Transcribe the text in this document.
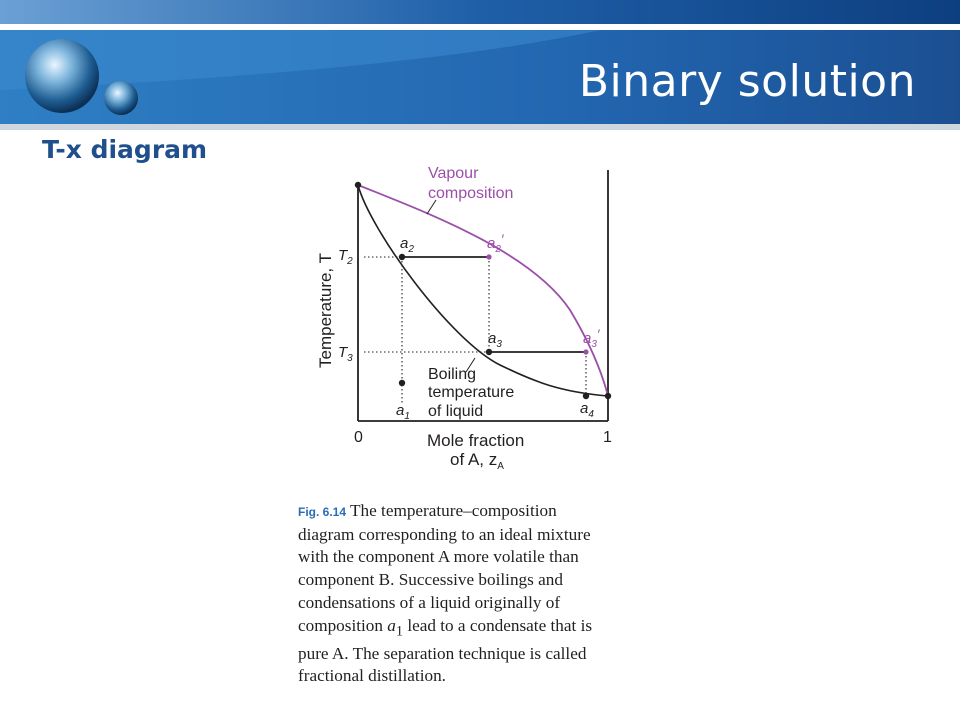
Binary solution
T-x diagram
Vapour
composition
Boiling
temperature
of liquid
Temperature, T $T_2$
$T_3$
$a_2$	$a_2'$
$a_3$	$a_3'$
$a_1$	$a_4$
0	1
Mole fraction
of A, $z_A$
Fig. 6.14 The temperature–composition
diagram corresponding to an ideal mixture
with the component A more volatile than
component B. Successive boilings and
condensations of a liquid originally of
composition $a_1$ lead to a condensate that is
pure A. The separation technique is called
fractional distillation.
